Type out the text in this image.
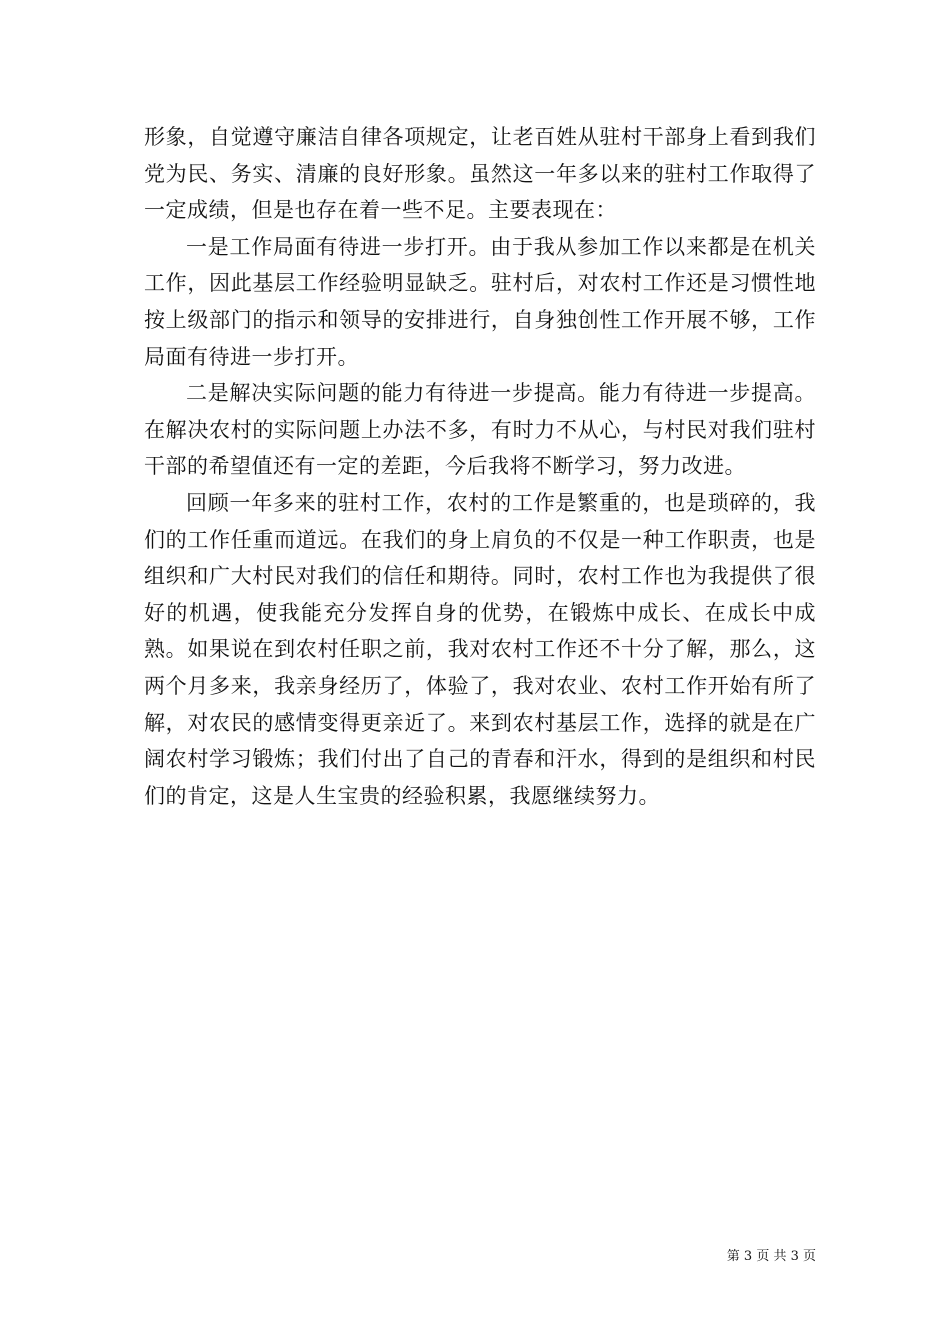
形象，自觉遵守廉洁自律各项规定，让老百姓从驻村干部身上看到我们党为民、务实、清廉的良好形象。虽然这一年多以来的驻村工作取得了一定成绩，但是也存在着一些不足。主要表现在：

一是工作局面有待进一步打开。由于我从参加工作以来都是在机关工作，因此基层工作经验明显缺乏。驻村后，对农村工作还是习惯性地按上级部门的指示和领导的安排进行，自身独创性工作开展不够，工作局面有待进一步打开。

二是解决实际问题的能力有待进一步提高。能力有待进一步提高。在解决农村的实际问题上办法不多，有时力不从心，与村民对我们驻村干部的希望值还有一定的差距，今后我将不断学习，努力改进。

回顾一年多来的驻村工作，农村的工作是繁重的，也是琐碎的，我们的工作任重而道远。在我们的身上肩负的不仅是一种工作职责，也是组织和广大村民对我们的信任和期待。同时，农村工作也为我提供了很好的机遇，使我能充分发挥自身的优势，在锻炼中成长、在成长中成熟。如果说在到农村任职之前，我对农村工作还不十分了解，那么，这两个月多来，我亲身经历了，体验了，我对农业、农村工作开始有所了解，对农民的感情变得更亲近了。来到农村基层工作，选择的就是在广阔农村学习锻炼；我们付出了自己的青春和汗水，得到的是组织和村民们的肯定，这是人生宝贵的经验积累，我愿继续努力。

第 3 页 共 3 页
